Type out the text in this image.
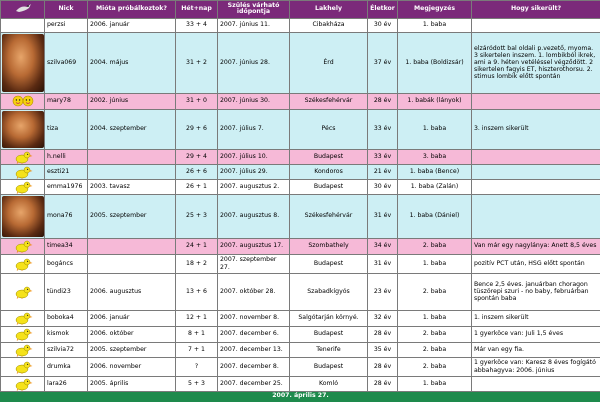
	Nick	Mióta próbálkoztok?	Hét+nap	Szülés várható időpontja	Lakhely	Életkor	Megjegyzés	Hogy sikerült?
	perzsi	2006. január	33 + 4	2007. június 11.	Cibakháza	30 év	1. baba	

	szilva069	2004. május	31 + 2	2007. június 28.	Érd	37 év	1. baba (Boldizsár)	elzáródott bal oldali p.vezető, myoma. 3 sikertelen inszem. 1. lombikból ikrek, ami a 9. héten vetéléssel végződött. 2 sikertelen fagyis ET, hiszterothorsu. 2. stimus lombik előtt spontán

	mary78	2002. június	31 + 0	2007. június 30.	Székesfehérvár	28 év	1. babák (lányok)	

	tiza	2004. szeptember	29 + 6	2007. július 7.	Pécs	33 év	1. baba	3. inszem sikerült

	h.nelli		29 + 4	2007. július 10.	Budapest	33 év	3. baba	

	eszti21		26 + 6	2007. július 29.	Kondoros	21 év	1. baba (Bence)	

	emma1976	2003. tavasz	26 + 1	2007. augusztus 2.	Budapest	30 év	1. baba (Zalán)	

	mona76	2005. szeptember	25 + 3	2007. augusztus 8.	Székesfehérvár	31 év	1. baba (Dániel)	

	timea34		24 + 1	2007. augusztus 17.	Szombathely	34 év	2. baba	Van már egy nagylánya: Anett 8,5 éves

	bogáncs		18 + 2	2007. szeptember 27.	Budapest	31 év	1. baba	pozitív PCT után, HSG előtt spontán

	tündi23	2006. augusztus	13 + 6	2007. október 28.	Szabadkígyós	23 év	2. baba	Bence 2,5 éves. januárban choragon tüszörepi szuri - no baby, februárban spontán baba

	boboka4	2006. január	12 + 1	2007. november 8.	Salgótarján környé.	32 év	1. baba	1. inszem sikerült

	kismok	2006. október	8 + 1	2007. december 6.	Budapest	28 év	2. baba	1 gyerköce van: Juli 1,5 éves

	szilvia72	2005. szeptember	7 + 1	2007. december 13.	Tenerife	35 év	2. baba	Már van egy fia.

	drumka	2006. november	?	2007. december 8.	Budapest	28 év	2. baba	1 gyerköce van: Karesz 8 éves fogígátó abbahagyva: 2006. június

	lara26	2005. április	5 + 3	2007. december 25.	Komló	28 év	1. baba	
2007. április 27.								
